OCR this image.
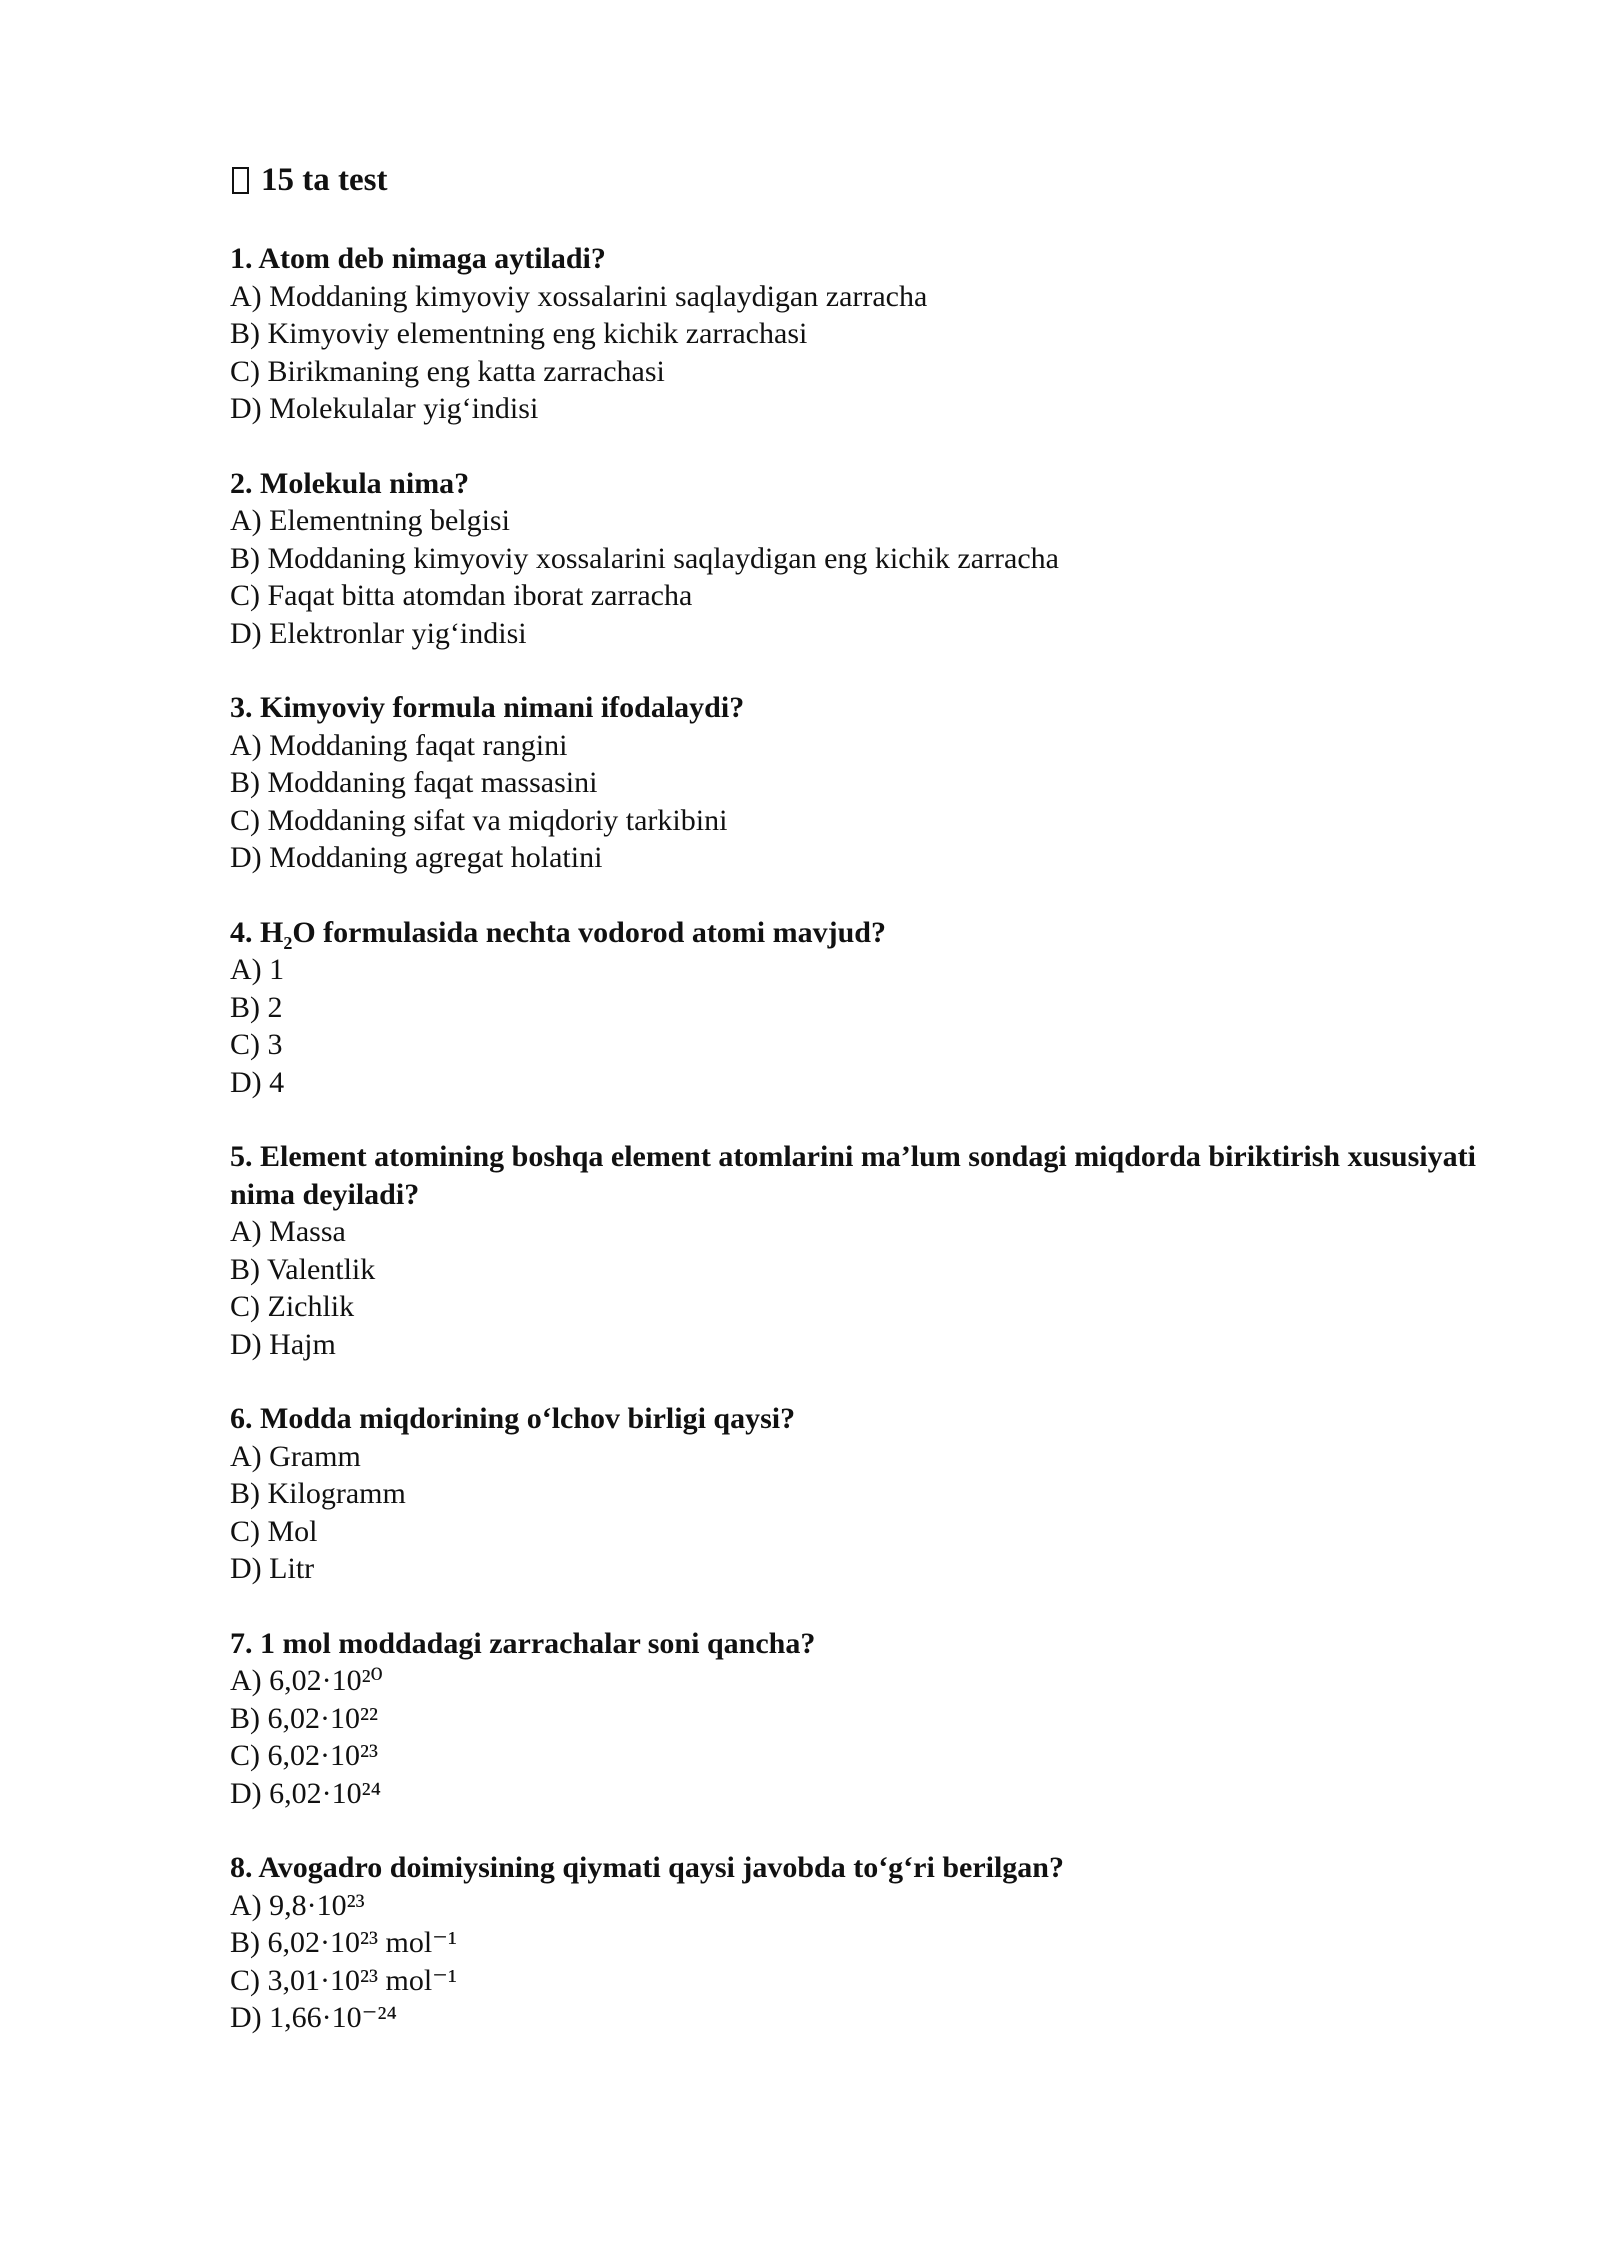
15 ta test
1. Atom deb nimaga aytiladi?
A) Moddaning kimyoviy xossalarini saqlaydigan zarracha
B) Kimyoviy elementning eng kichik zarrachasi
C) Birikmaning eng katta zarrachasi
D) Molekulalar yig‘indisi
2. Molekula nima?
A) Elementning belgisi
B) Moddaning kimyoviy xossalarini saqlaydigan eng kichik zarracha
C) Faqat bitta atomdan iborat zarracha
D) Elektronlar yig‘indisi
3. Kimyoviy formula nimani ifodalaydi?
A) Moddaning faqat rangini
B) Moddaning faqat massasini
C) Moddaning sifat va miqdoriy tarkibini
D) Moddaning agregat holatini
4. $H_2O$ formulasida nechta vodorod atomi mavjud?
A) 1
B) 2
C) 3
D) 4
5. Element atomining boshqa element atomlarini ma’lum sondagi miqdorda biriktirish xususiyati nima deyiladi?
A) Massa
B) Valentlik
C) Zichlik
D) Hajm
6. Modda miqdorining o‘lchov birligi qaysi?
A) Gramm
B) Kilogramm
C) Mol
D) Litr
7. 1 mol moddadagi zarrachalar soni qancha?
A) 6,02·10²⁰
B) 6,02·10²²
C) 6,02·10²³
D) 6,02·10²⁴
8. Avogadro doimiysining qiymati qaysi javobda to‘g‘ri berilgan?
A) 9,8·10²³
B) 6,02·10²³ mol⁻¹
C) 3,01·10²³ mol⁻¹
D) 1,66·10⁻²⁴
